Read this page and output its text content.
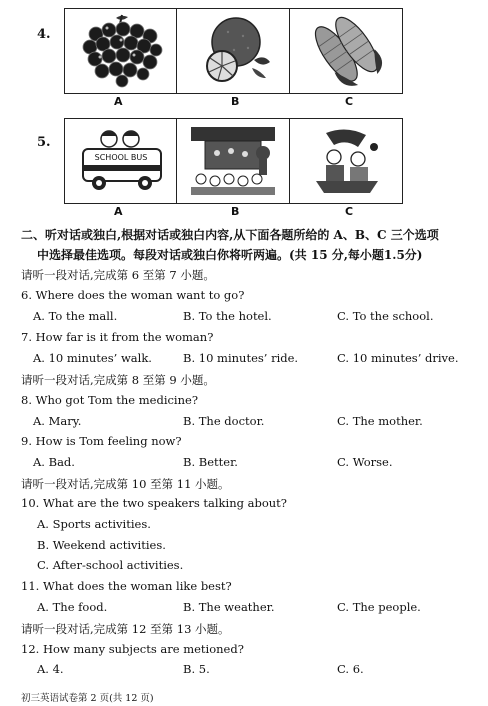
4.
A	B	C
5.
SCHOOL BUS
A	B	C
二、听对话或独白,根据对话或独白内容,从下面各题所给的 A、B、C 三个选项
中选择最佳选项。每段对话或独白你将听两遍。(共 15 分,每小题1.5分)
请听一段对话,完成第 6 至第 7 小题。
6. Where does the woman want to go?
A. To the mall.	B. To the hotel.	C. To the school.
7. How far is it from the woman?
A. 10 minutes’ walk.	B. 10 minutes’ ride.	C. 10 minutes’ drive.
请听一段对话,完成第 8 至第 9 小题。
8. Who got Tom the medicine?
A. Mary.	B. The doctor.	C. The mother.
9. How is Tom feeling now?
A. Bad.	B. Better.	C. Worse.
请听一段对话,完成第 10 至第 11 小题。
10. What are the two speakers talking about?
A. Sports activities.
B. Weekend activities.
C. After-school activities.
11. What does the woman like best?
A. The food.	B. The weather.	C. The people.
请听一段对话,完成第 12 至第 13 小题。
12. How many subjects are metioned?
A. 4.	B. 5.	C. 6.
初三英语试卷第 2 页(共 12 页)
